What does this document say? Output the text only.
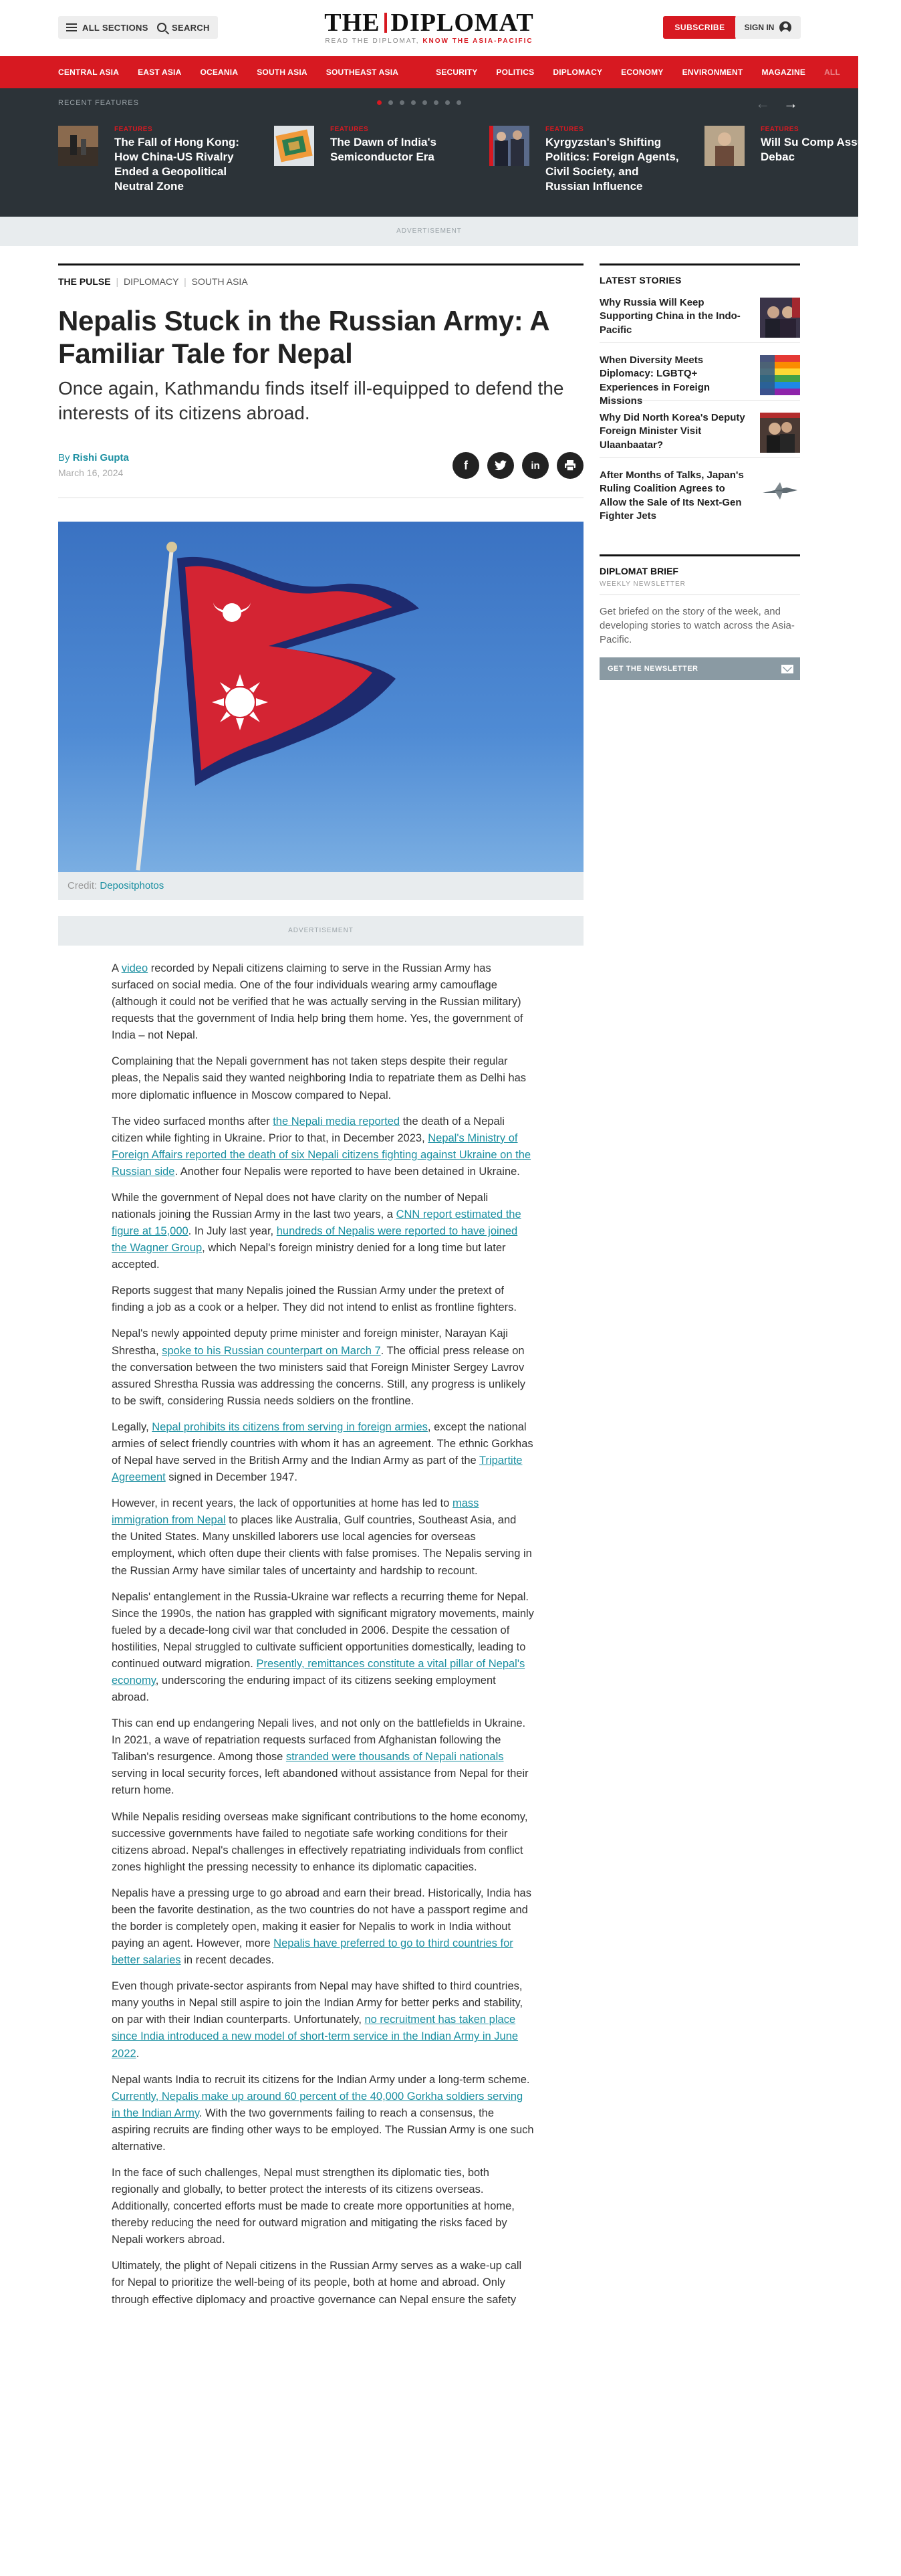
ALL SECTIONS	SEARCH	THE DIPLOMAT
READ THE DIPLOMAT, KNOW THE ASIA-PACIFIC
SUBSCRIBE	SIGN IN
CENTRAL ASIA EAST ASIA OCEANIA SOUTH ASIA SOUTHEAST ASIA	SECURITY POLITICS DIPLOMACY ECONOMY ENVIRONMENT MAGAZINE ALL
RECENT FEATURES	← →
FEATURES
The Fall of Hong Kong: How China-US Rivalry Ended a Geopolitical Neutral Zone
FEATURES
The Dawn of India's Semiconductor Era
FEATURES
Kyrgyzstan's Shifting Politics: Foreign Agents, Civil Society, and Russian Influence
FEATURES
Will Su Comp Assum Debac
ADVERTISEMENT
THE PULSE | DIPLOMACY | SOUTH ASIA
Nepalis Stuck in the Russian Army: A Familiar Tale for Nepal
Once again, Kathmandu finds itself ill-equipped to defend the interests of its citizens abroad.
By Rishi Gupta
March 16, 2024
f	in
Credit: Depositphotos
ADVERTISEMENT

A video recorded by Nepali citizens claiming to serve in the Russian Army has surfaced on social media. One of the four individuals wearing army camouflage (although it could not be verified that he was actually serving in the Russian military) requests that the government of India help bring them home. Yes, the government of India – not Nepal.

Complaining that the Nepali government has not taken steps despite their regular pleas, the Nepalis said they wanted neighboring India to repatriate them as Delhi has more diplomatic influence in Moscow compared to Nepal.

The video surfaced months after the Nepali media reported the death of a Nepali citizen while fighting in Ukraine. Prior to that, in December 2023, Nepal's Ministry of Foreign Affairs reported the death of six Nepali citizens fighting against Ukraine on the Russian side. Another four Nepalis were reported to have been detained in Ukraine.

While the government of Nepal does not have clarity on the number of Nepali nationals joining the Russian Army in the last two years, a CNN report estimated the figure at 15,000. In July last year, hundreds of Nepalis were reported to have joined the Wagner Group, which Nepal's foreign ministry denied for a long time but later accepted.

Reports suggest that many Nepalis joined the Russian Army under the pretext of finding a job as a cook or a helper. They did not intend to enlist as frontline fighters.

Nepal's newly appointed deputy prime minister and foreign minister, Narayan Kaji Shrestha, spoke to his Russian counterpart on March 7. The official press release on the conversation between the two ministers said that Foreign Minister Sergey Lavrov assured Shrestha Russia was addressing the concerns. Still, any progress is unlikely to be swift, considering Russia needs soldiers on the frontline.

Legally, Nepal prohibits its citizens from serving in foreign armies, except the national armies of select friendly countries with whom it has an agreement. The ethnic Gorkhas of Nepal have served in the British Army and the Indian Army as part of the Tripartite Agreement signed in December 1947.

However, in recent years, the lack of opportunities at home has led to mass immigration from Nepal to places like Australia, Gulf countries, Southeast Asia, and the United States. Many unskilled laborers use local agencies for overseas employment, which often dupe their clients with false promises. The Nepalis serving in the Russian Army have similar tales of uncertainty and hardship to recount.

Nepalis' entanglement in the Russia-Ukraine war reflects a recurring theme for Nepal. Since the 1990s, the nation has grappled with significant migratory movements, mainly fueled by a decade-long civil war that concluded in 2006. Despite the cessation of hostilities, Nepal struggled to cultivate sufficient opportunities domestically, leading to continued outward migration. Presently, remittances constitute a vital pillar of Nepal's economy, underscoring the enduring impact of its citizens seeking employment abroad.

This can end up endangering Nepali lives, and not only on the battlefields in Ukraine. In 2021, a wave of repatriation requests surfaced from Afghanistan following the Taliban's resurgence. Among those stranded were thousands of Nepali nationals serving in local security forces, left abandoned without assistance from Nepal for their return home.

While Nepalis residing overseas make significant contributions to the home economy, successive governments have failed to negotiate safe working conditions for their citizens abroad. Nepal's challenges in effectively repatriating individuals from conflict zones highlight the pressing necessity to enhance its diplomatic capacities.

Nepalis have a pressing urge to go abroad and earn their bread. Historically, India has been the favorite destination, as the two countries do not have a passport regime and the border is completely open, making it easier for Nepalis to work in India without paying an agent. However, more Nepalis have preferred to go to third countries for better salaries in recent decades.

Even though private-sector aspirants from Nepal may have shifted to third countries, many youths in Nepal still aspire to join the Indian Army for better perks and stability, on par with their Indian counterparts. Unfortunately, no recruitment has taken place since India introduced a new model of short-term service in the Indian Army in June 2022.

Nepal wants India to recruit its citizens for the Indian Army under a long-term scheme. Currently, Nepalis make up around 60 percent of the 40,000 Gorkha soldiers serving in the Indian Army. With the two governments failing to reach a consensus, the aspiring recruits are finding other ways to be employed. The Russian Army is one such alternative.

In the face of such challenges, Nepal must strengthen its diplomatic ties, both regionally and globally, to better protect the interests of its citizens overseas. Additionally, concerted efforts must be made to create more opportunities at home, thereby reducing the need for outward migration and mitigating the risks faced by Nepali workers abroad.

Ultimately, the plight of Nepali citizens in the Russian Army serves as a wake-up call for Nepal to prioritize the well-being of its people, both at home and abroad. Only through effective diplomacy and proactive governance can Nepal ensure the safety

LATEST STORIES
Why Russia Will Keep Supporting China in the Indo-Pacific
When Diversity Meets Diplomacy: LGBTQ+ Experiences in Foreign Missions
Why Did North Korea's Deputy Foreign Minister Visit Ulaanbaatar?
After Months of Talks, Japan's Ruling Coalition Agrees to Allow the Sale of Its Next-Gen Fighter Jets
DIPLOMAT BRIEF
WEEKLY NEWSLETTER
Get briefed on the story of the week, and developing stories to watch across the Asia-Pacific.
GET THE NEWSLETTER
